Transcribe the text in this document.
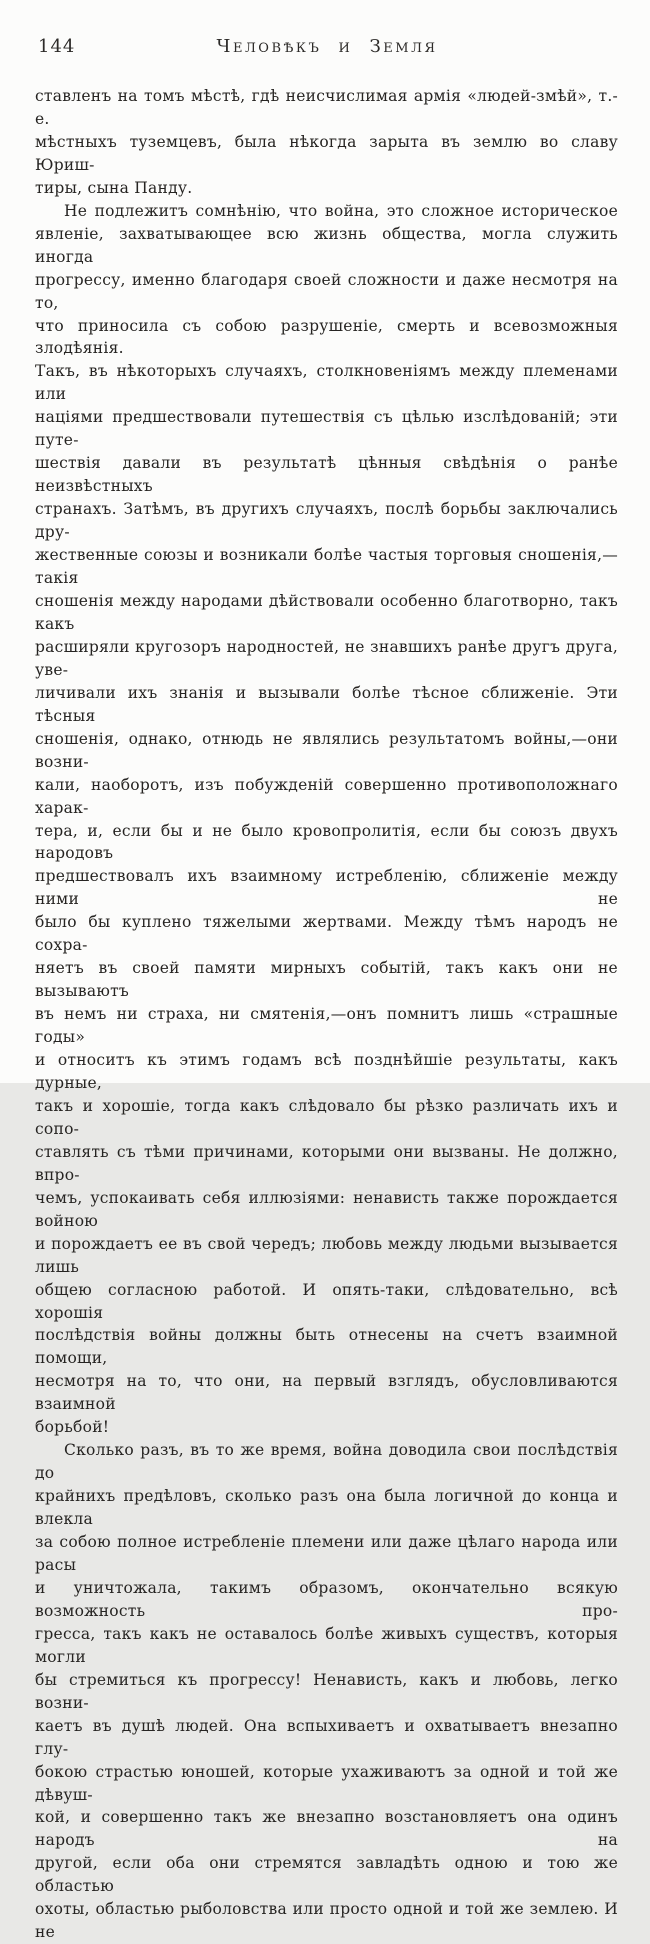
144	Человѣкъ и Земля
ставленъ на томъ мѣстѣ, гдѣ неисчислимая армія «людей-змѣй», т.-е.
мѣстныхъ туземцевъ, была нѣкогда зарыта въ землю во славу Юриш-
тиры, сына Панду.
Не подлежитъ сомнѣнію, что война, это сложное историческое
явленіе, захватывающее всю жизнь общества, могла служить иногда
прогрессу, именно благодаря своей сложности и даже несмотря на то,
что приносила съ собою разрушеніе, смерть и всевозможныя злодѣянія.
Такъ, въ нѣкоторыхъ случаяхъ, столкновеніямъ между племенами или
націями предшествовали путешествія съ цѣлью изслѣдованій; эти путе-
шествія давали въ результатѣ цѣнныя свѣдѣнія о ранѣе неизвѣстныхъ
странахъ. Затѣмъ, въ другихъ случаяхъ, послѣ борьбы заключались дру-
жественные союзы и возникали болѣе частыя торговыя сношенія,—такія
сношенія между народами дѣйствовали особенно благотворно, такъ какъ
расширяли кругозоръ народностей, не знавшихъ ранѣе другъ друга, уве-
личивали ихъ знанія и вызывали болѣе тѣсное сближеніе. Эти тѣсныя
сношенія, однако, отнюдь не являлись результатомъ войны,—они возни-
кали, наоборотъ, изъ побужденій совершенно противоположнаго харак-
тера, и, если бы и не было кровопролитія, если бы союзъ двухъ народовъ
предшествовалъ ихъ взаимному истребленію, сближеніе между ними не
было бы куплено тяжелыми жертвами. Между тѣмъ народъ не сохра-
няетъ въ своей памяти мирныхъ событій, такъ какъ они не вызываютъ
въ немъ ни страха, ни смятенія,—онъ помнитъ лишь «страшные годы»
и относитъ къ этимъ годамъ всѣ позднѣйшіе результаты, какъ дурные,
такъ и хорошіе, тогда какъ слѣдовало бы рѣзко различать ихъ и сопо-
ставлять съ тѣми причинами, которыми они вызваны. Не должно, впро-
чемъ, успокаивать себя иллюзіями: ненависть также порождается войною
и порождаетъ ее въ свой чередъ; любовь между людьми вызывается лишь
общею согласною работой. И опять-таки, слѣдовательно, всѣ хорошія
послѣдствія войны должны быть отнесены на счетъ взаимной помощи,
несмотря на то, что они, на первый взглядъ, обусловливаются взаимной
борьбой!
Сколько разъ, въ то же время, война доводила свои послѣдствія до
крайнихъ предѣловъ, сколько разъ она была логичной до конца и влекла
за собою полное истребленіе племени или даже цѣлаго народа или расы
и уничтожала, такимъ образомъ, окончательно всякую возможность про-
гресса, такъ какъ не оставалось болѣе живыхъ существъ, которыя могли
бы стремиться къ прогрессу! Ненависть, какъ и любовь, легко возни-
каетъ въ душѣ людей. Она вспыхиваетъ и охватываетъ внезапно глу-
бокою страстью юношей, которые ухаживаютъ за одной и той же дѣвуш-
кой, и совершенно такъ же внезапно возстановляетъ она одинъ народъ на
другой, если оба они стремятся завладѣть одною и тою же областью
охоты, областью рыболовства или просто одной и той же землею. И не
